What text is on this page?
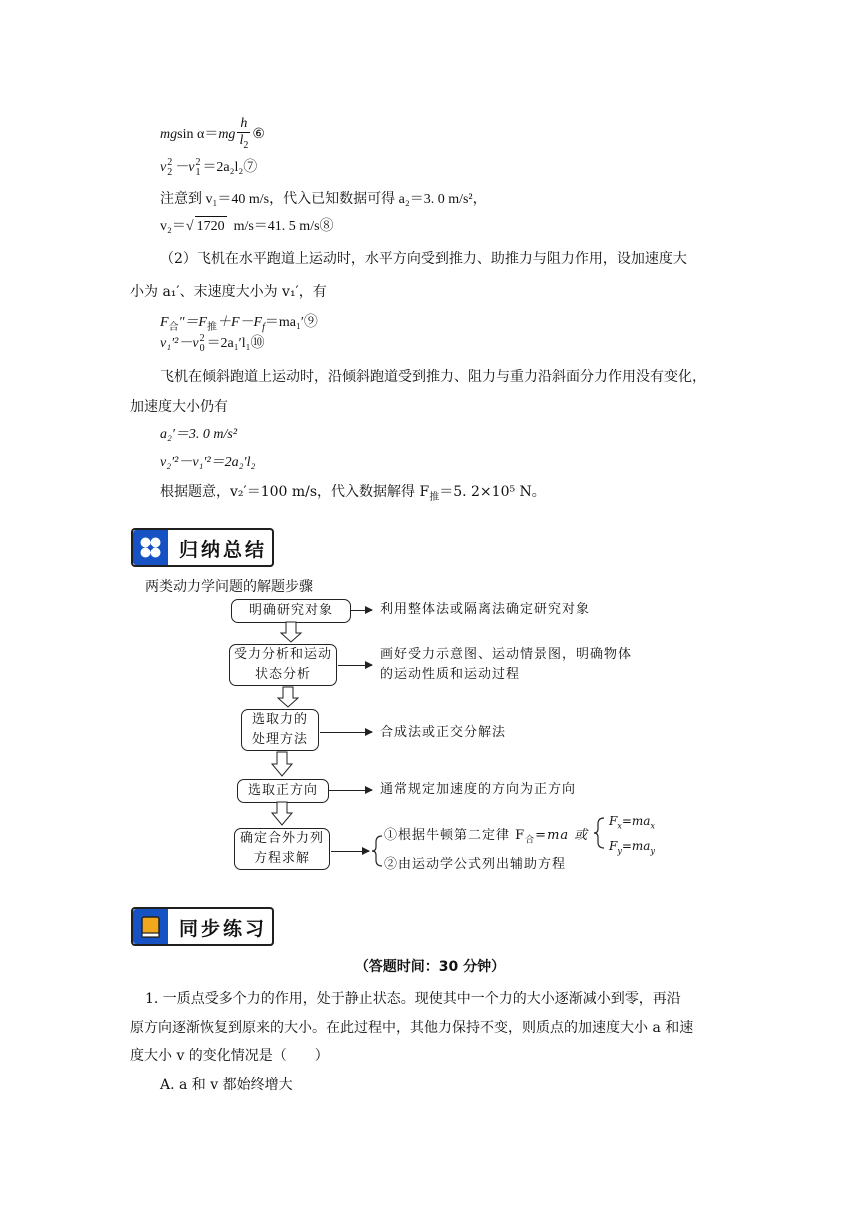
mgsin $\alpha=mg \frac{h}{l_2}$ ⑥
v 2
2 －v 2
1 ＝2a₂l₂⑦
注意到 v₁＝40 m/s，代入已知数据可得 a₂＝3. 0 m/s²，
v₂＝√ 1720 m/s＝41. 5 m/s⑧
（2）飞机在水平跑道上运动时，水平方向受到推力、助推力与阻力作用，设加速度大
小为 a₁′、末速度大小为 v₁′，有
$F_合''=F_推+F-F_f=ma_1'⑨$
v₁′²－v 2
0 ＝2a₁′l₁⑩
飞机在倾斜跑道上运动时，沿倾斜跑道受到推力、阻力与重力沿斜面分力作用没有变化，
加速度大小仍有
a₂′＝3. 0 m/s²
v₂′²－v₁′²＝2a₂′l₂
根据题意，v₂′＝100 m/s，代入数据解得 $F_推=5$. 2×10⁵ N。
归纳总结
两类动力学问题的解题步骤
明确研究对象	利用整体法或隔离法确定研究对象
受力分析和运动状态分析
画好受力示意图、运动情景图，明确物体
的运动性质和运动过程
选取力的处理方法	合成法或正交分解法
选取正方向	通常规定加速度的方向为正方向
确定合外力列方程求解
①根据牛顿第二定律 $F_合=ma$ 或
$F_x=ma_x$
$F_y=ma_y$
②由运动学公式列出辅助方程
同步练习
（答题时间：30 分钟）
1. 一质点受多个力的作用，处于静止状态。现使其中一个力的大小逐渐减小到零，再沿
原方向逐渐恢复到原来的大小。在此过程中，其他力保持不变，则质点的加速度大小 a 和速
度大小 v 的变化情况是（　　）
A. a 和 v 都始终增大
